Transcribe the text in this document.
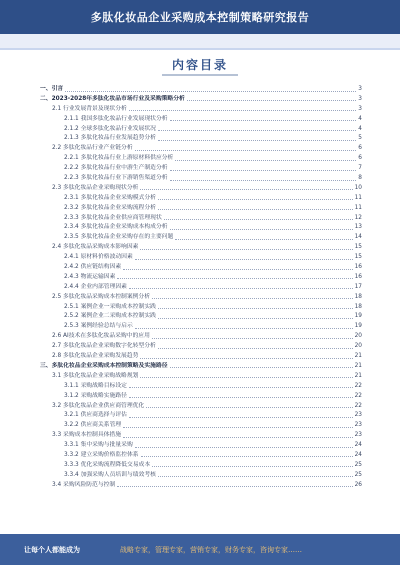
多肽化妆品企业采购成本控制策略研究报告
内容目录
一、引言	3
二、2023-2028年多肽化妆品市场行业及采购策略分析	3
2.1 行业发展背景及现状分析	3
2.1.1 我国多肽化妆品行业发展现状分析	4
2.1.2 全球多肽化妆品行业发展状况	4
2.1.3 多肽化妆品行业发展趋势分析	5
2.2 多肽化妆品行业产业链分析	6
2.2.1 多肽化妆品行业上游原材料供应分析	6
2.2.2 多肽化妆品行业中游生产制造分析	7
2.2.3 多肽化妆品行业下游销售渠道分析	8
2.3 多肽化妆品企业采购现状分析	10
2.3.1 多肽化妆品企业采购模式分析	11
2.3.2 多肽化妆品企业采购流程分析	11
2.3.3 多肽化妆品企业供应商管理现状	12
2.3.4 多肽化妆品企业采购成本构成分析	13
2.3.5 多肽化妆品企业采购存在的主要问题	14
2.4 多肽化妆品采购成本影响因素	15
2.4.1 原材料价格波动因素	15
2.4.2 供应链结构因素	16
2.4.3 物流运输因素	16
2.4.4 企业内部管理因素	17
2.5 多肽化妆品采购成本控制案例分析	18
2.5.1 案例企业一采购成本控制实践	18
2.5.2 案例企业二采购成本控制实践	19
2.5.3 案例经验总结与启示	19
2.6 AI技术在多肽化妆品采购中的应用	20
2.7 多肽化妆品企业采购数字化转型分析	20
2.8 多肽化妆品企业采购发展趋势	21
三、多肽化妆品企业采购成本控制策略及实施路径	21
3.1 多肽化妆品企业采购战略规划	21
3.1.1 采购战略目标设定	22
3.1.2 采购战略实施路径	22
3.2 多肽化妆品企业供应商管理优化	22
3.2.1 供应商选择与评估	23
3.2.2 供应商关系管理	23
3.3 采购成本控制具体措施	23
3.3.1 集中采购与批量采购	24
3.3.2 建立采购价格监控体系	24
3.3.3 优化采购流程降低交易成本	25
3.3.4 加强采购人员培训与绩效考核	25
3.4 采购风险防范与控制	26
让每个人都能成为	战略专家，管理专家，营销专家，财务专家，咨询专家……
